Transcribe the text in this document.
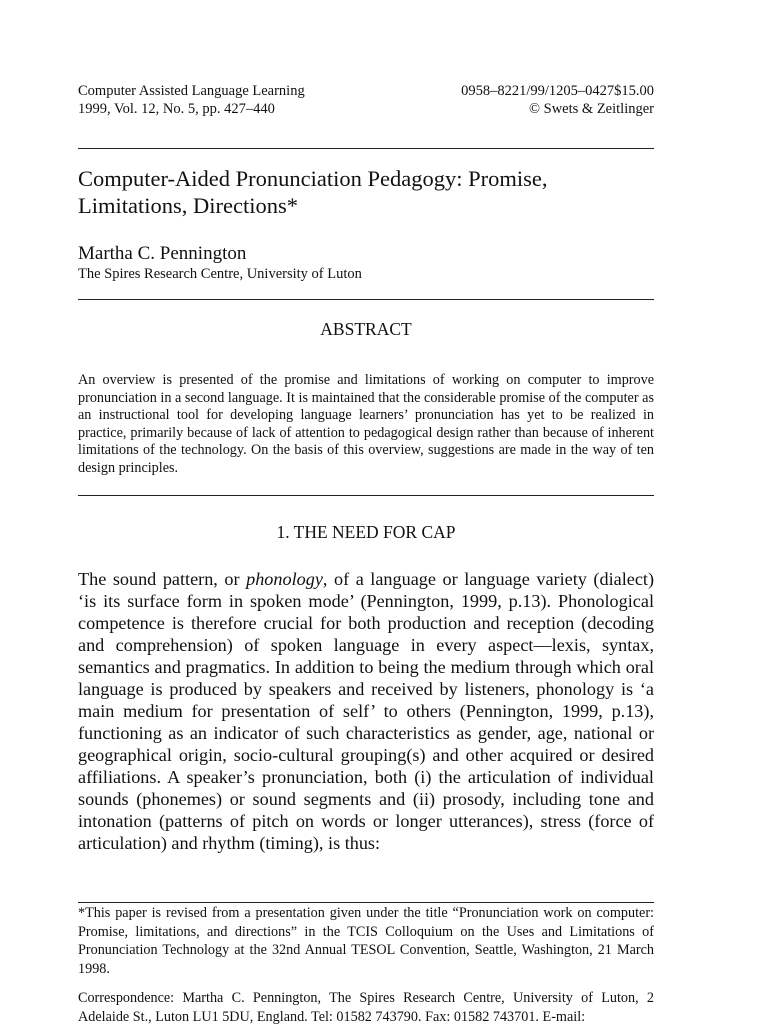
Computer Assisted Language Learning
1999, Vol. 12, No. 5, pp. 427–440
0958–8221/99/1205–0427$15.00
© Swets & Zeitlinger
Computer-Aided Pronunciation Pedagogy: Promise,
Limitations, Directions*
Martha C. Pennington
The Spires Research Centre, University of Luton
ABSTRACT
An overview is presented of the promise and limitations of working on computer to improve pronunciation in a second language. It is maintained that the considerable promise of the computer as an instructional tool for developing language learners’ pronunciation has yet to be realized in practice, primarily because of lack of attention to pedagogical design rather than because of inherent limitations of the technology. On the basis of this overview, suggestions are made in the way of ten design principles.
1. THE NEED FOR CAP
The sound pattern, or phonology, of a language or language variety (dialect) ‘is its surface form in spoken mode’ (Pennington, 1999, p.13). Phonological competence is therefore crucial for both production and reception (decoding and comprehension) of spoken language in every aspect—lexis, syntax, semantics and pragmatics. In addition to being the medium through which oral language is produced by speakers and received by listeners, phonology is ‘a main medium for presentation of self’ to others (Pennington, 1999, p.13), functioning as an indicator of such characteristics as gender, age, national or geographical origin, socio-cultural grouping(s) and other acquired or desired affiliations. A speaker’s pronunciation, both (i) the articulation of individual sounds (phonemes) or sound segments and (ii) prosody, including tone and intonation (patterns of pitch on words or longer utterances), stress (force of articulation) and rhythm (timing), is thus:
*This paper is revised from a presentation given under the title “Pronunciation work on computer: Promise, limitations, and directions” in the TCIS Colloquium on the Uses and Limitations of Pronunciation Technology at the 32nd Annual TESOL Convention, Seattle, Washington, 21 March 1998.
Correspondence: Martha C. Pennington, The Spires Research Centre, University of Luton, 2 Adelaide St., Luton LU1 5DU, England. Tel: 01582 743790. Fax: 01582 743701. E-mail:
